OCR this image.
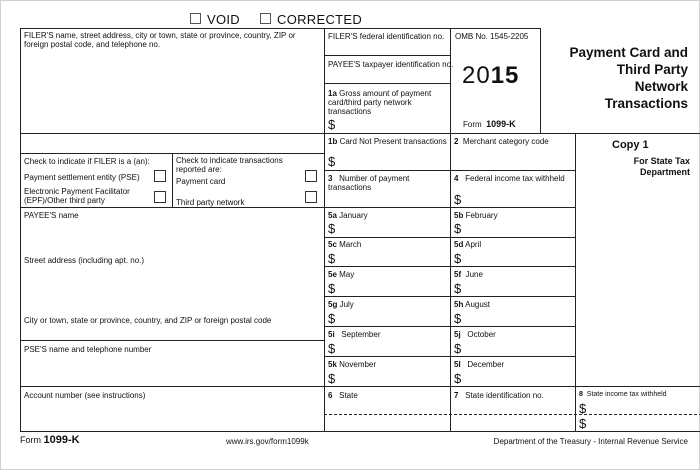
VOID	CORRECTED
FILER'S name, street address, city or town, state or province, country, ZIP or foreign postal code, and telephone no.
FILER'S federal identification no.
PAYEE'S taxpayer identification no.
OMB No. 1545-2205
2015
Form 1099-K
Payment Card and
Third Party
Network
Transactions
1a Gross amount of payment card/third party network transactions
$
Copy 1
For State Tax
Department
1b Card Not Present transactions
$
2 Merchant category code
Check to indicate if FILER is a (an):
Payment settlement entity (PSE)
Electronic Payment Facilitator
(EPF)/Other third party
Check to indicate transactions
reported are:
Payment card
Third party network
3 Number of payment transactions
4 Federal income tax withheld
$
PAYEE'S name
Street address (including apt. no.)
City or town, state or province, country, and ZIP or foreign postal code
PSE'S name and telephone number
Account number (see instructions)
5a January
$
5b February
$
5c March
$
5d April
$
5e May
$
5f June
$
5g July
$
5h August
$
5i September
$
5j October
$
5k November
$
5l December
$
6 State	7 State identification no.	8 State income tax withheld
$
$
Form 1099-K	www.irs.gov/form1099k	Department of the Treasury - Internal Revenue Service
